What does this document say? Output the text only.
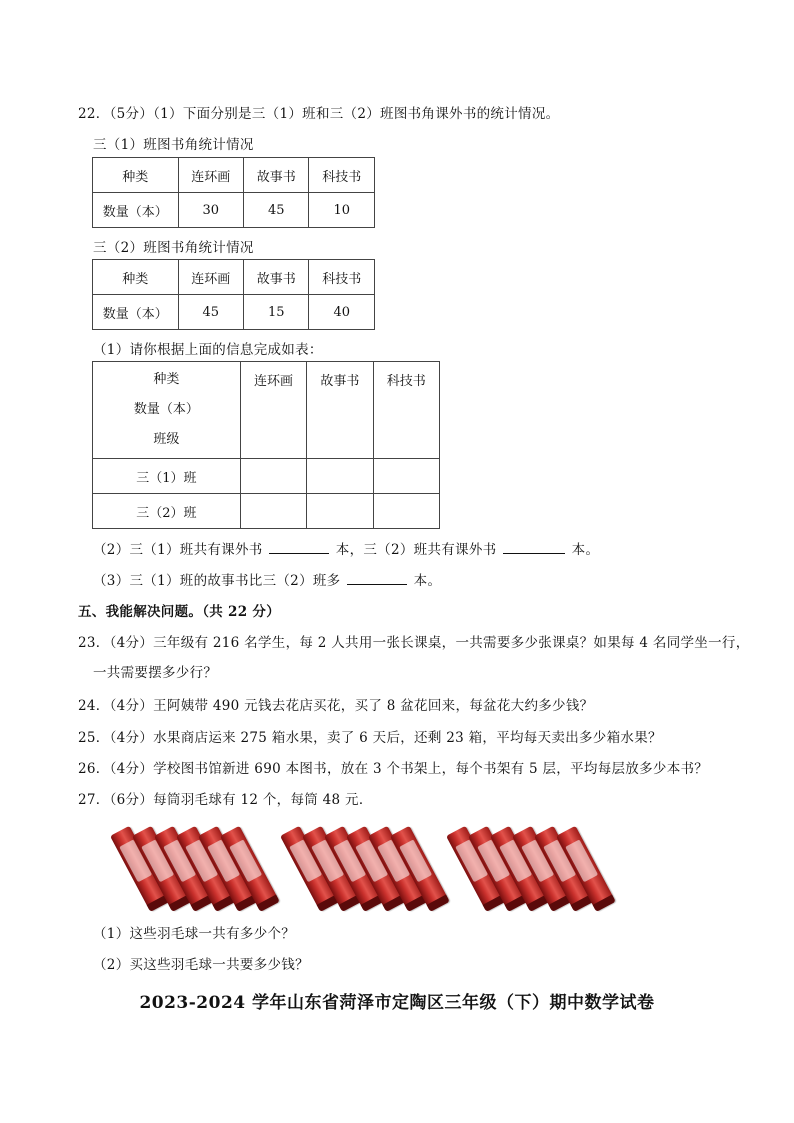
22．（5分）（1）下面分别是三（1）班和三（2）班图书角课外书的统计情况。
三（1）班图书角统计情况
种类	连环画	故事书	科技书
数量（本）	30	45	10
三（2）班图书角统计情况
种类	连环画	故事书	科技书
数量（本）	45	15	40
（1）请你根据上面的信息完成如表：
种类
数量（本）
班级	连环画	故事书	科技书
三（1）班			
三（2）班			
（2）三（1）班共有课外书	本，三（2）班共有课外书	本。
（3）三（1）班的故事书比三（2）班多	本。
五、我能解决问题。（共 22 分）
23．（4分）三年级有 216 名学生，每 2 人共用一张长课桌，一共需要多少张课桌？如果每 4 名同学坐一行，
一共需要摆多少行？
24．（4分）王阿姨带 490 元钱去花店买花，买了 8 盆花回来，每盆花大约多少钱？
25．（4分）水果商店运来 275 箱水果，卖了 6 天后，还剩 23 箱，平均每天卖出多少箱水果？
26．（4分）学校图书馆新进 690 本图书，放在 3 个书架上，每个书架有 5 层，平均每层放多少本书？
27．（6分）每筒羽毛球有 12 个，每筒 48 元．
（1）这些羽毛球一共有多少个？
（2）买这些羽毛球一共要多少钱？
2023-2024 学年山东省菏泽市定陶区三年级（下）期中数学试卷
